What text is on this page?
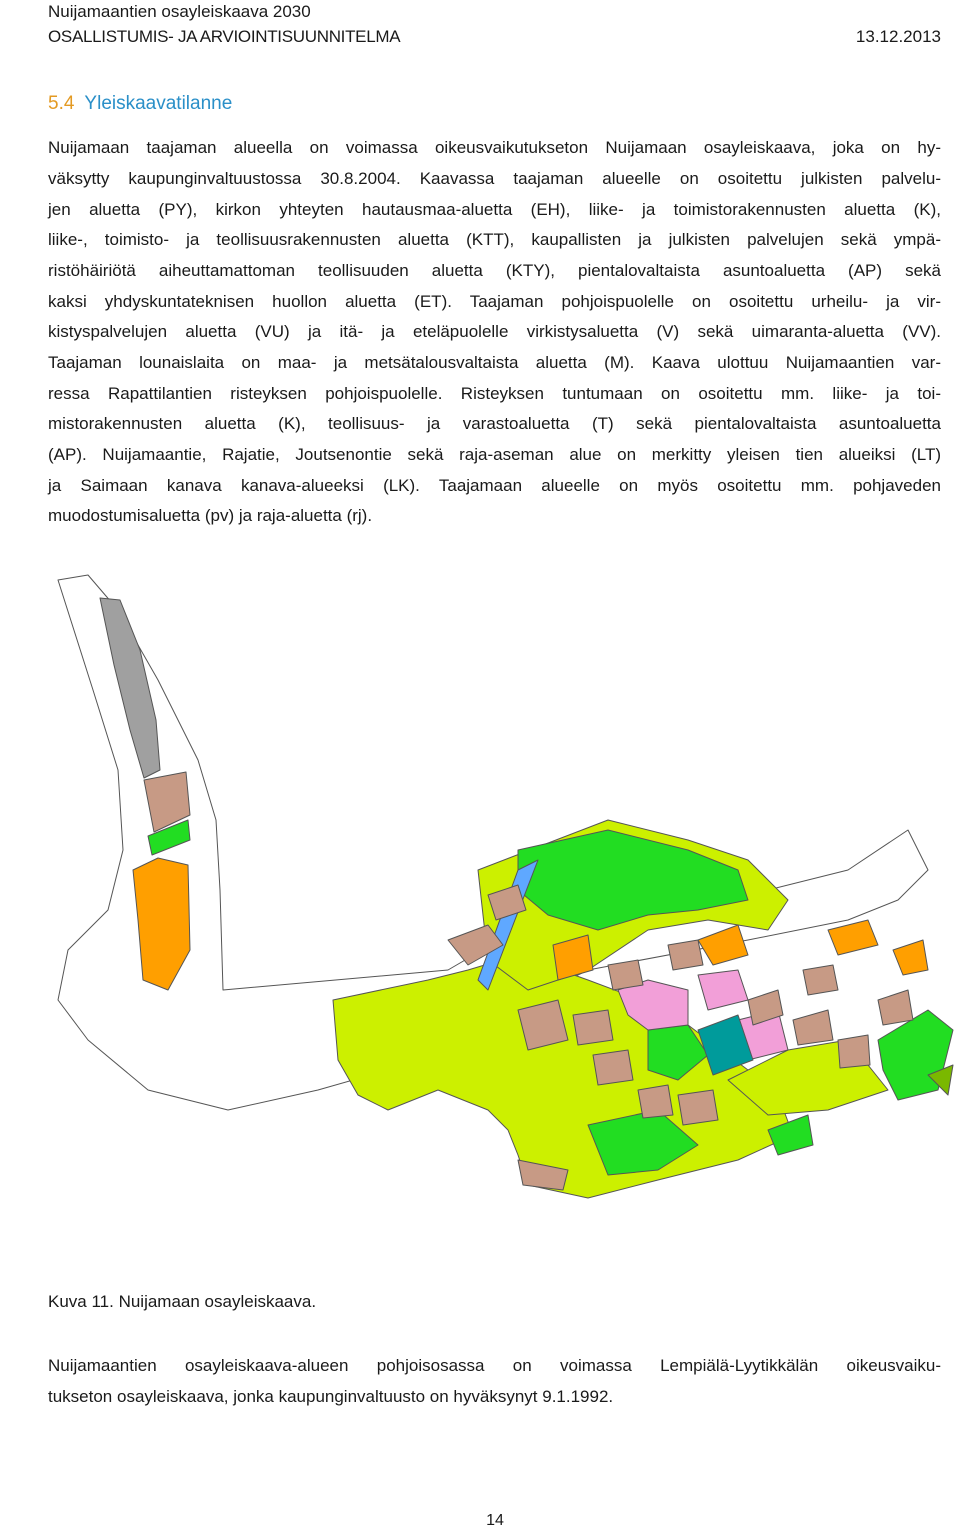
Nuijamaantien osayleiskaava 2030
OSALLISTUMIS- JA ARVIOINTISUUNNITELMA	13.12.2013
5.4 Yleiskaavatilanne
Nuijamaan taajaman alueella on voimassa oikeusvaikutukseton Nuijamaan osayleiskaava, joka on hy-
väksytty kaupunginvaltuustossa 30.8.2004. Kaavassa taajaman alueelle on osoitettu julkisten palvelu-
jen aluetta (PY), kirkon yhteyten hautausmaa-aluetta (EH), liike- ja toimistorakennusten aluetta (K),
liike-, toimisto- ja teollisuusrakennusten aluetta (KTT), kaupallisten ja julkisten palvelujen sekä ympä-
ristöhäiriötä aiheuttamattoman teollisuuden aluetta (KTY), pientalovaltaista asuntoaluetta (AP) sekä
kaksi yhdyskuntateknisen huollon aluetta (ET). Taajaman pohjoispuolelle on osoitettu urheilu- ja vir-
kistyspalvelujen aluetta (VU) ja itä- ja eteläpuolelle virkistysaluetta (V) sekä uimaranta-aluetta (VV).
Taajaman lounaislaita on maa- ja metsätalousvaltaista aluetta (M). Kaava ulottuu Nuijamaantien var-
ressa Rapattilantien risteyksen pohjoispuolelle. Risteyksen tuntumaan on osoitettu mm. liike- ja toi-
mistorakennusten aluetta (K), teollisuus- ja varastoaluetta (T) sekä pientalovaltaista asuntoaluetta
(AP). Nuijamaantie, Rajatie, Joutsenontie sekä raja-aseman alue on merkitty yleisen tien alueiksi (LT)
ja Saimaan kanava kanava-alueeksi (LK). Taajamaan alueelle on myös osoitettu mm. pohjaveden
muodostumisaluetta (pv) ja raja-aluetta (rj).
Kuva 11. Nuijamaan osayleiskaava.
Nuijamaantien osayleiskaava-alueen pohjoisosassa on voimassa Lempiälä-Lyytikkälän oikeusvaiku-
tukseton osayleiskaava, jonka kaupunginvaltuusto on hyväksynyt 9.1.1992.
14
